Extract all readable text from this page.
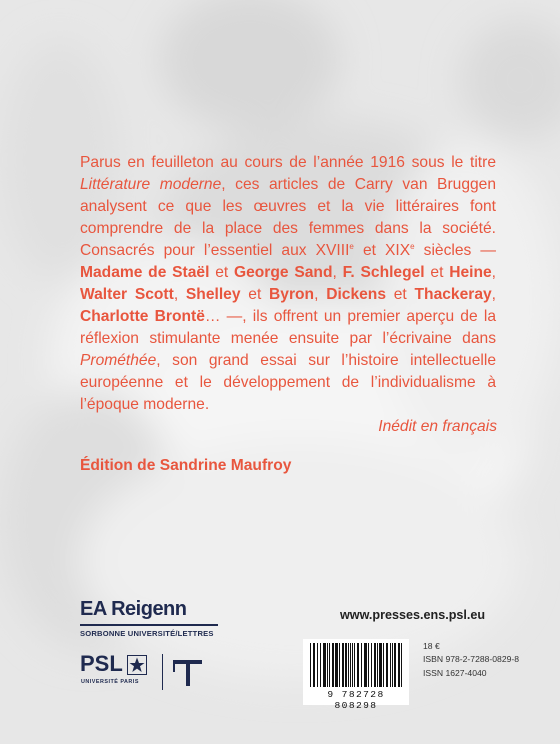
Parus en feuilleton au cours de l’année 1916 sous le titre Littérature moderne, ces articles de Carry van Bruggen analysent ce que les œuvres et la vie littéraires font comprendre de la place des femmes dans la société. Consacrés pour l’essentiel aux XVIIIe et XIXe siècles — Madame de Staël et George Sand, F. Schlegel et Heine, Walter Scott, Shelley et Byron, Dickens et Thackeray, Charlotte Brontë… —, ils offrent un premier aperçu de la réflexion stimulante menée ensuite par l’écrivaine dans Prométhée, son grand essai sur l’histoire intellectuelle européenne et le développement de l’individualisme à l’époque moderne.

Inédit en français
Édition de Sandrine Maufroy
EA Reigenn
SORBONNE UNIVERSITÉ/LETTRES
PSL
UNIVERSITÉ PARIS
www.presses.ens.psl.eu
9 782728 808298
18 €
ISBN 978-2-7288-0829-8
ISSN 1627-4040
